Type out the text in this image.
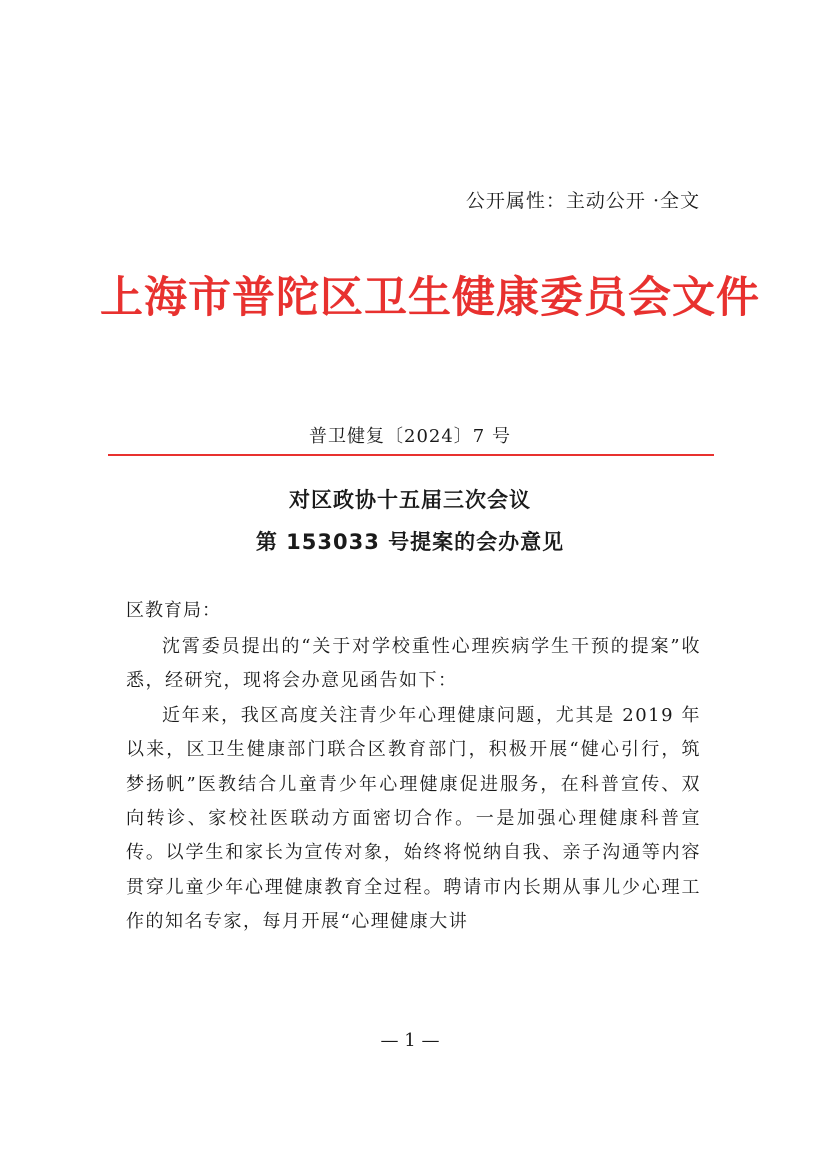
公开属性：主动公开 ·全文
上海市普陀区卫生健康委员会文件
普卫健复〔2024〕7 号
对区政协十五届三次会议
第 153033 号提案的会办意见
区教育局：

沈霄委员提出的“关于对学校重性心理疾病学生干预的提案”收悉，经研究，现将会办意见函告如下：

近年来，我区高度关注青少年心理健康问题，尤其是 2019 年以来，区卫生健康部门联合区教育部门，积极开展“健心引行，筑梦扬帆”医教结合儿童青少年心理健康促进服务，在科普宣传、双向转诊、家校社医联动方面密切合作。一是加强心理健康科普宣传。以学生和家长为宣传对象，始终将悦纳自我、亲子沟通等内容贯穿儿童少年心理健康教育全过程。聘请市内长期从事儿少心理工作的知名专家，每月开展“心理健康大讲

— 1 —
